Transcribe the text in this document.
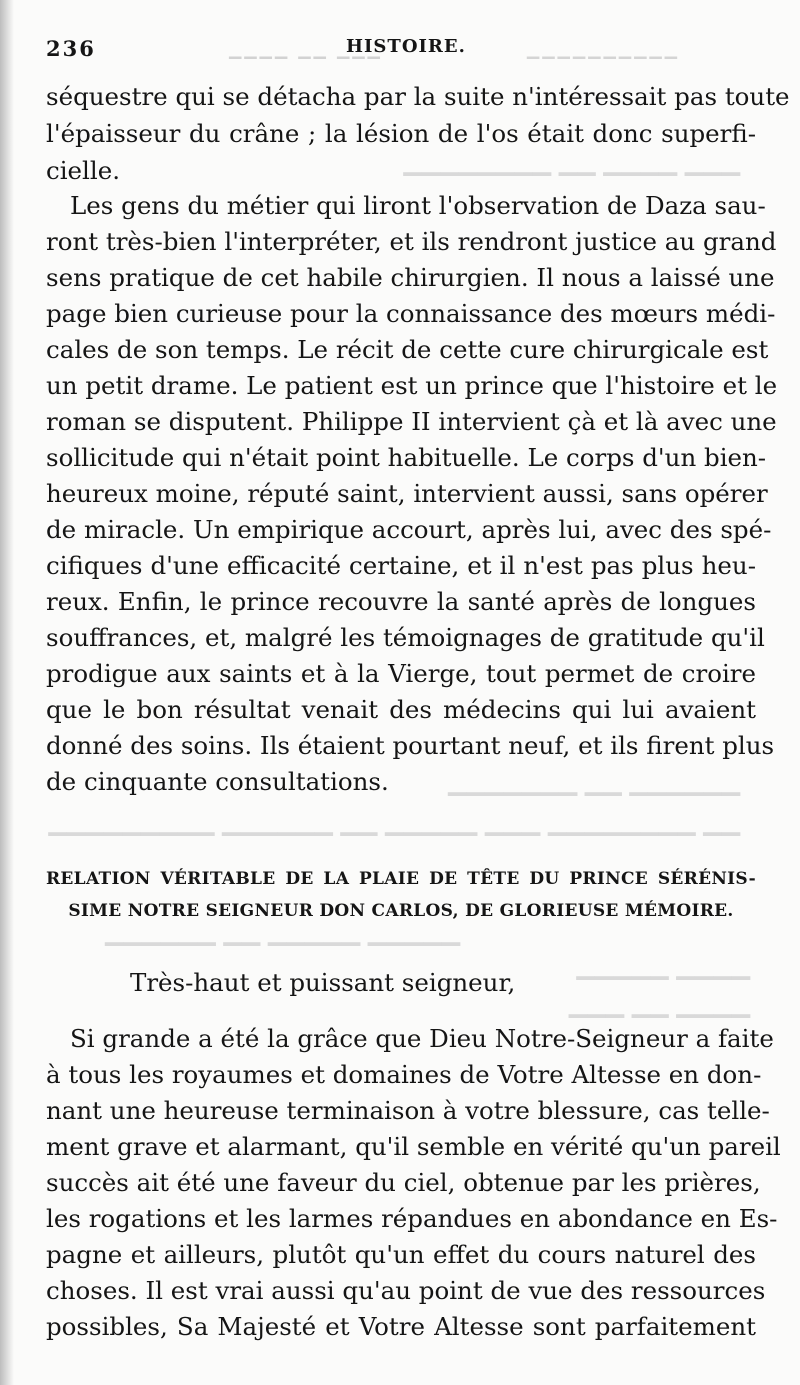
▁▁▁ ▁▁▁▁ ▁▁ ▁▁▁▁▁▁▁▁
▁▁▁▁▁▁ ▁▁ ▁▁▁▁▁▁▁
▁▁ ▁▁▁▁▁▁▁▁ ▁▁▁ ▁▁▁▁▁ ▁▁ ▁▁▁▁▁▁ ▁▁▁▁▁▁▁▁▁
▁▁▁▁▁ ▁▁▁▁▁ ▁▁ ▁▁▁▁▁▁
▁▁▁▁ ▁▁▁▁▁
▁▁▁▁ ▁▁ ▁▁▁
236	▁▁▁ ▁▁ ▁▁▁▁
HISTOIRE.	▁▁▁▁▁▁▁▁▁▁
séquestre qui se détacha par la suite n'intéressait pas toute
l'épaisseur du crâne ; la lésion de l'os était donc superfi-
cielle.
Les gens du métier qui liront l'observation de Daza sau-
ront très-bien l'interpréter, et ils rendront justice au grand
sens pratique de cet habile chirurgien. Il nous a laissé une
page bien curieuse pour la connaissance des mœurs médi-
cales de son temps. Le récit de cette cure chirurgicale est
un petit drame. Le patient est un prince que l'histoire et le
roman se disputent. Philippe II intervient çà et là avec une
sollicitude qui n'était point habituelle. Le corps d'un bien-
heureux moine, réputé saint, intervient aussi, sans opérer
de miracle. Un empirique accourt, après lui, avec des spé-
cifiques d'une efficacité certaine, et il n'est pas plus heu-
reux. Enfin, le prince recouvre la santé après de longues
souffrances, et, malgré les témoignages de gratitude qu'il
prodigue aux saints et à la Vierge, tout permet de croire
que le bon résultat venait des médecins qui lui avaient
donné des soins. Ils étaient pourtant neuf, et ils firent plus
de cinquante consultations.
RELATION VÉRITABLE DE LA PLAIE DE TÊTE DU PRINCE SÉRÉNIS-
SIME NOTRE SEIGNEUR DON CARLOS, DE GLORIEUSE MÉMOIRE.
Très-haut et puissant seigneur,
Si grande a été la grâce que Dieu Notre-Seigneur a faite
à tous les royaumes et domaines de Votre Altesse en don-
nant une heureuse terminaison à votre blessure, cas telle-
ment grave et alarmant, qu'il semble en vérité qu'un pareil
succès ait été une faveur du ciel, obtenue par les prières,
les rogations et les larmes répandues en abondance en Es-
pagne et ailleurs, plutôt qu'un effet du cours naturel des
choses. Il est vrai aussi qu'au point de vue des ressources
possibles, Sa Majesté et Votre Altesse sont parfaitement
